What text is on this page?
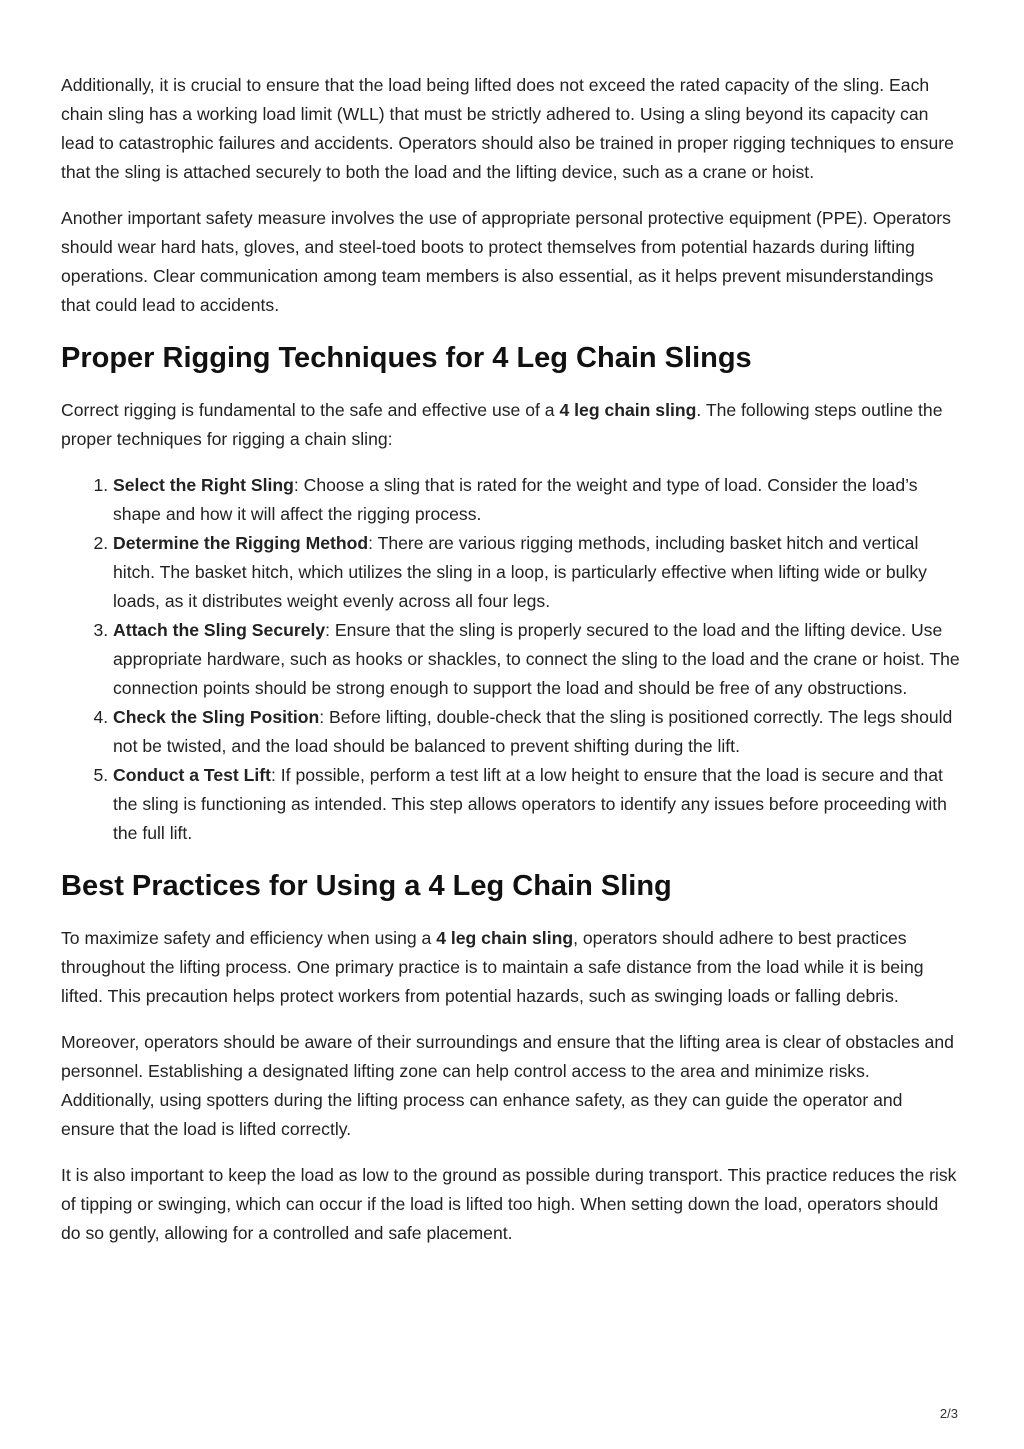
Additionally, it is crucial to ensure that the load being lifted does not exceed the rated capacity of the sling. Each chain sling has a working load limit (WLL) that must be strictly adhered to. Using a sling beyond its capacity can lead to catastrophic failures and accidents. Operators should also be trained in proper rigging techniques to ensure that the sling is attached securely to both the load and the lifting device, such as a crane or hoist.

Another important safety measure involves the use of appropriate personal protective equipment (PPE). Operators should wear hard hats, gloves, and steel-toed boots to protect themselves from potential hazards during lifting operations. Clear communication among team members is also essential, as it helps prevent misunderstandings that could lead to accidents.

Proper Rigging Techniques for 4 Leg Chain Slings

Correct rigging is fundamental to the safe and effective use of a 4 leg chain sling. The following steps outline the proper techniques for rigging a chain sling:

1. Select the Right Sling: Choose a sling that is rated for the weight and type of load. Consider the load’s shape and how it will affect the rigging process.
2. Determine the Rigging Method: There are various rigging methods, including basket hitch and vertical hitch. The basket hitch, which utilizes the sling in a loop, is particularly effective when lifting wide or bulky loads, as it distributes weight evenly across all four legs.
3. Attach the Sling Securely: Ensure that the sling is properly secured to the load and the lifting device. Use appropriate hardware, such as hooks or shackles, to connect the sling to the load and the crane or hoist. The connection points should be strong enough to support the load and should be free of any obstructions.
4. Check the Sling Position: Before lifting, double-check that the sling is positioned correctly. The legs should not be twisted, and the load should be balanced to prevent shifting during the lift.
5. Conduct a Test Lift: If possible, perform a test lift at a low height to ensure that the load is secure and that the sling is functioning as intended. This step allows operators to identify any issues before proceeding with the full lift.
Best Practices for Using a 4 Leg Chain Sling

To maximize safety and efficiency when using a 4 leg chain sling, operators should adhere to best practices throughout the lifting process. One primary practice is to maintain a safe distance from the load while it is being lifted. This precaution helps protect workers from potential hazards, such as swinging loads or falling debris.

Moreover, operators should be aware of their surroundings and ensure that the lifting area is clear of obstacles and personnel. Establishing a designated lifting zone can help control access to the area and minimize risks. Additionally, using spotters during the lifting process can enhance safety, as they can guide the operator and ensure that the load is lifted correctly.

It is also important to keep the load as low to the ground as possible during transport. This practice reduces the risk of tipping or swinging, which can occur if the load is lifted too high. When setting down the load, operators should do so gently, allowing for a controlled and safe placement.

2/3
